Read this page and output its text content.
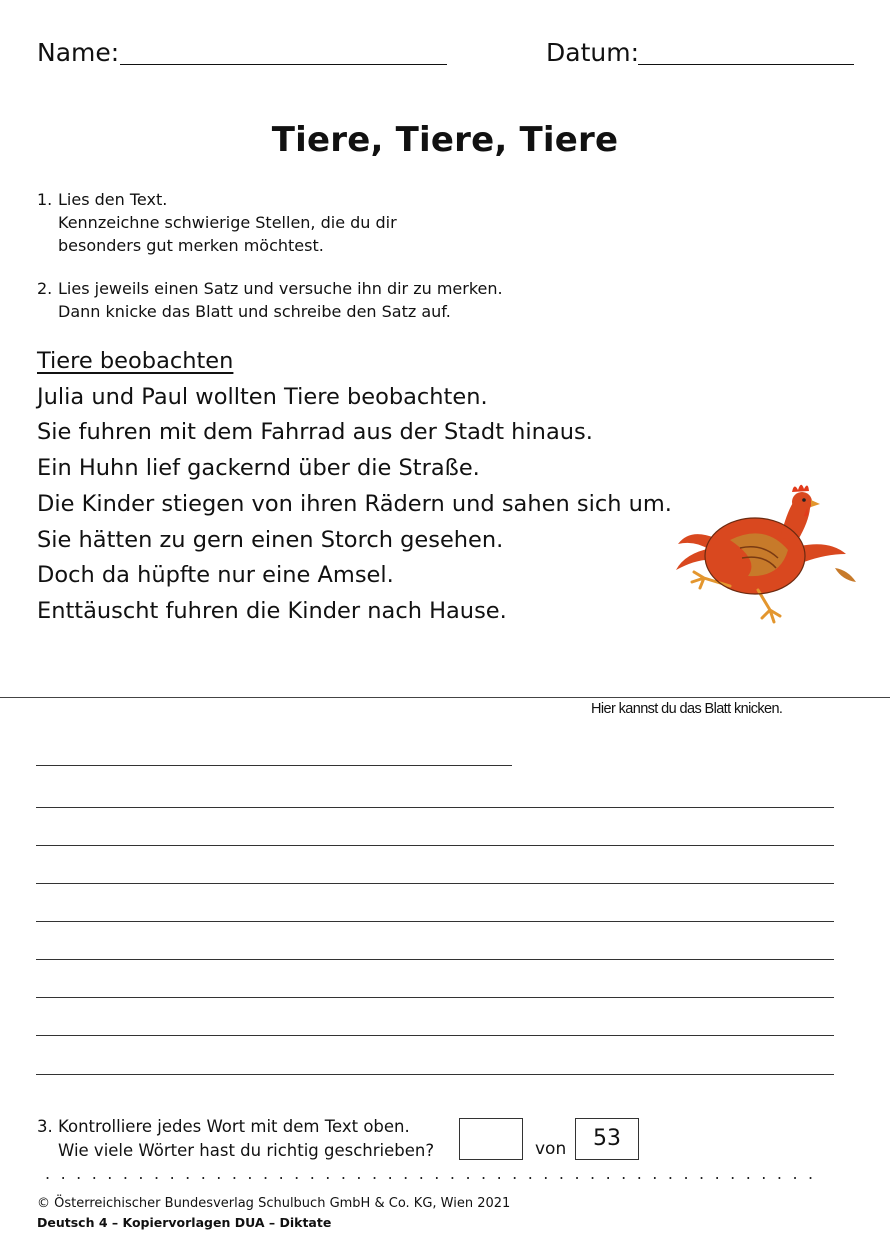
Name:	Datum:
Tiere, Tiere, Tiere
1. Lies den Text.
Kennzeichne schwierige Stellen, die du dir
besonders gut merken möchtest.
2. Lies jeweils einen Satz und versuche ihn dir zu merken.
Dann knicke das Blatt und schreibe den Satz auf.
Tiere beobachten
Julia und Paul wollten Tiere beobachten.
Sie fuhren mit dem Fahrrad aus der Stadt hinaus.
Ein Huhn lief gackernd über die Straße.
Die Kinder stiegen von ihren Rädern und sahen sich um.
Sie hätten zu gern einen Storch gesehen.
Doch da hüpfte nur eine Amsel.
Enttäuscht fuhren die Kinder nach Hause.
Hier kannst du das Blatt knicken.
3. Kontrolliere jedes Wort mit dem Text oben.
Wie viele Wörter hast du richtig geschrieben?	von	53
. . . . . . . . . . . . . . . . . . . . . . . . . . . . . . . . . . . . . . . . . . . . . . . . . .
© Österreichischer Bundesverlag Schulbuch GmbH & Co. KG, Wien 2021
Deutsch 4 – Kopiervorlagen DUA – Diktate
